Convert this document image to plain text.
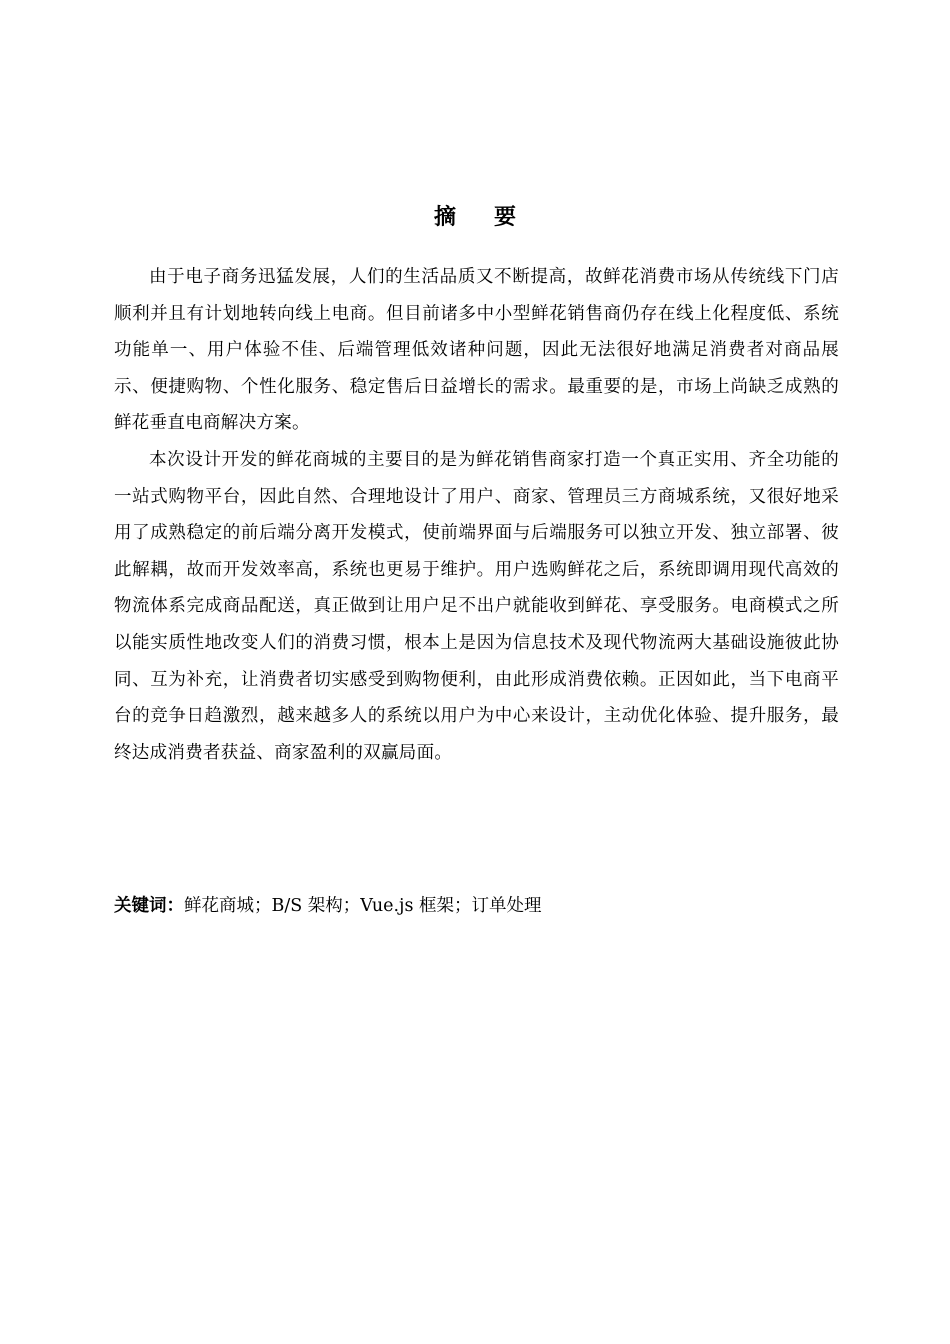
摘 要

由于电子商务迅猛发展，人们的生活品质又不断提高，故鲜花消费市场从传统线下门店顺利并且有计划地转向线上电商。但目前诸多中小型鲜花销售商仍存在线上化程度低、系统功能单一、用户体验不佳、后端管理低效诸种问题，因此无法很好地满足消费者对商品展示、便捷购物、个性化服务、稳定售后日益增长的需求。最重要的是，市场上尚缺乏成熟的鲜花垂直电商解决方案。

本次设计开发的鲜花商城的主要目的是为鲜花销售商家打造一个真正实用、齐全功能的一站式购物平台，因此自然、合理地设计了用户、商家、管理员三方商城系统，又很好地采用了成熟稳定的前后端分离开发模式，使前端界面与后端服务可以独立开发、独立部署、彼此解耦，故而开发效率高，系统也更易于维护。用户选购鲜花之后，系统即调用现代高效的物流体系完成商品配送，真正做到让用户足不出户就能收到鲜花、享受服务。电商模式之所以能实质性地改变人们的消费习惯，根本上是因为信息技术及现代物流两大基础设施彼此协同、互为补充，让消费者切实感受到购物便利，由此形成消费依赖。正因如此，当下电商平台的竞争日趋激烈，越来越多人的系统以用户为中心来设计，主动优化体验、提升服务，最终达成消费者获益、商家盈利的双赢局面。

关键词：鲜花商城；B/S 架构；Vue.js 框架；订单处理
